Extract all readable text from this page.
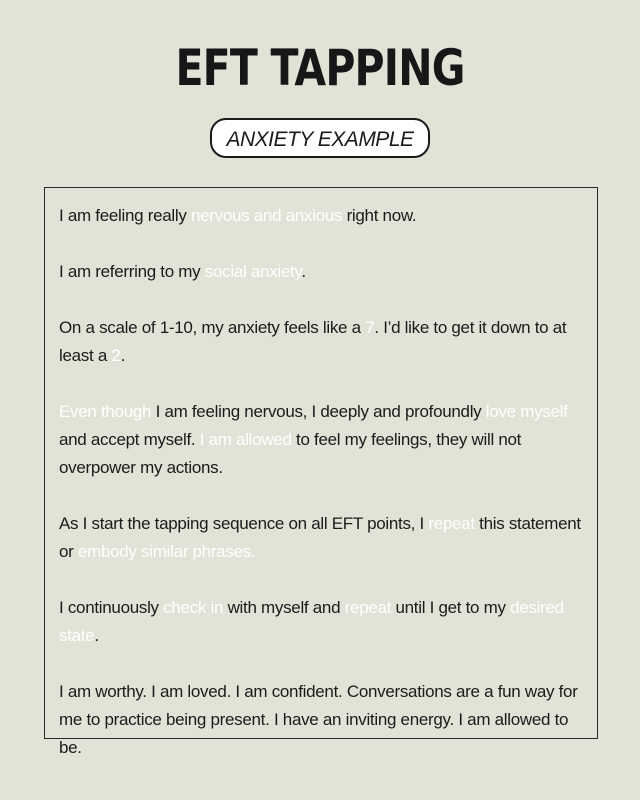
EFT TAPPING
ANXIETY EXAMPLE

I am feeling really nervous and anxious right now.

I am referring to my social anxiety.

On a scale of 1-10, my anxiety feels like a 7. I’d like to get it down to at least a 2.

Even though I am feeling nervous, I deeply and profoundly love myself and accept myself. I am allowed to feel my feelings, they will not overpower my actions.

As I start the tapping sequence on all EFT points, I repeat this statement or embody similar phrases.

I continuously check in with myself and repeat until I get to my desired state.

I am worthy. I am loved. I am confident. Conversations are a fun way for me to practice being present. I have an inviting energy. I am allowed to be.
